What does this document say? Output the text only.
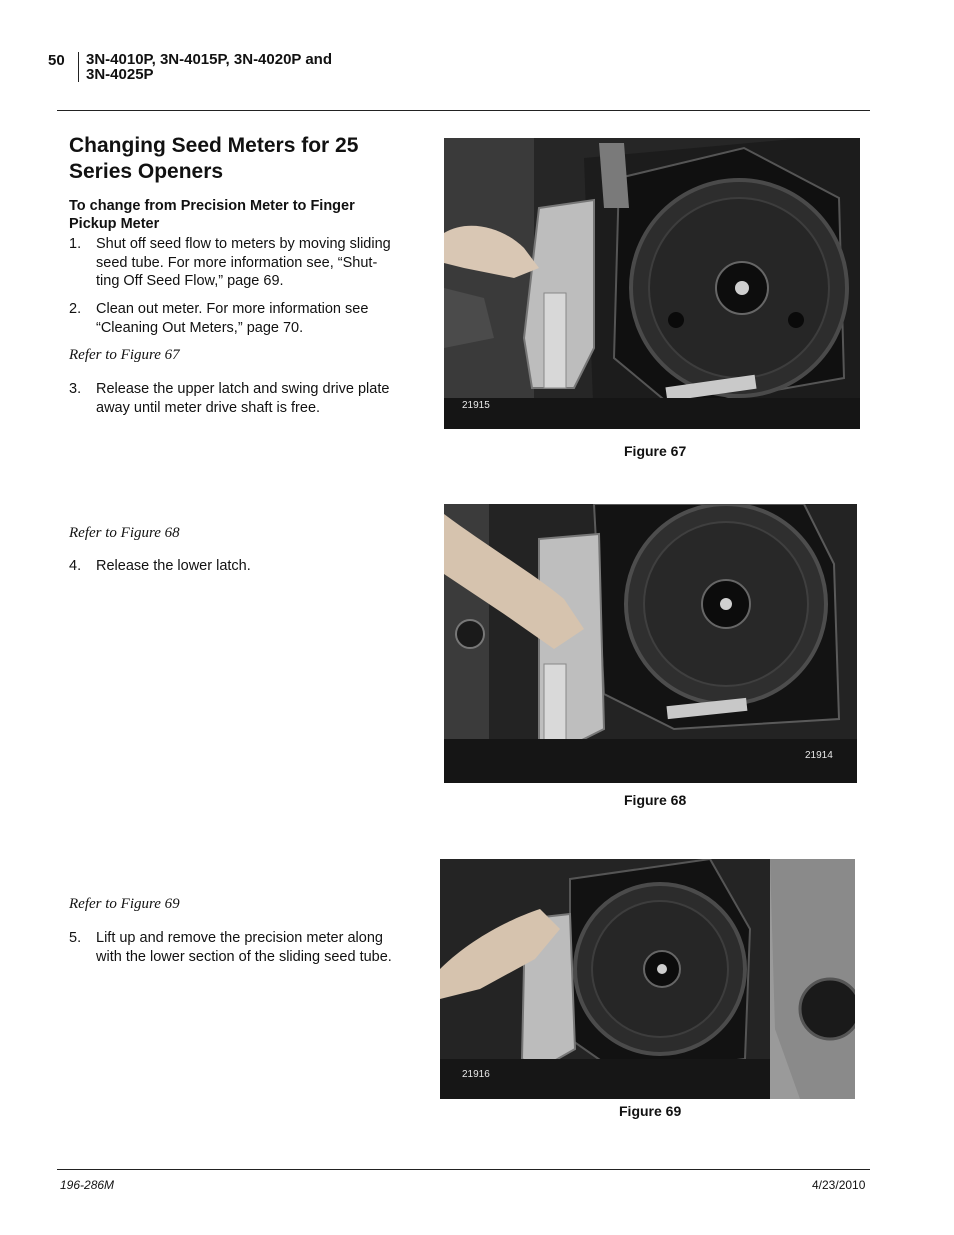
50 3N-4010P, 3N-4015P, 3N-4020P and
3N-4025P
Changing Seed Meters for 25
Series Openers
To change from Precision Meter to Finger
Pickup Meter
1.	Shut off seed flow to meters by moving sliding
seed tube. For more information see, “Shut-
ting Off Seed Flow,” page 69.
2.	Clean out meter. For more information see
“Cleaning Out Meters,” page 70.
Refer to Figure 67
3.	Release the upper latch and swing drive plate
away until meter drive shaft is free.	21915
Figure 67
Refer to Figure 68
4.	Release the lower latch.
21914
Figure 68
Refer to Figure 69
5.	Lift up and remove the precision meter along
with the lower section of the sliding seed tube.
21916
Figure 69
196-286M	4/23/2010
